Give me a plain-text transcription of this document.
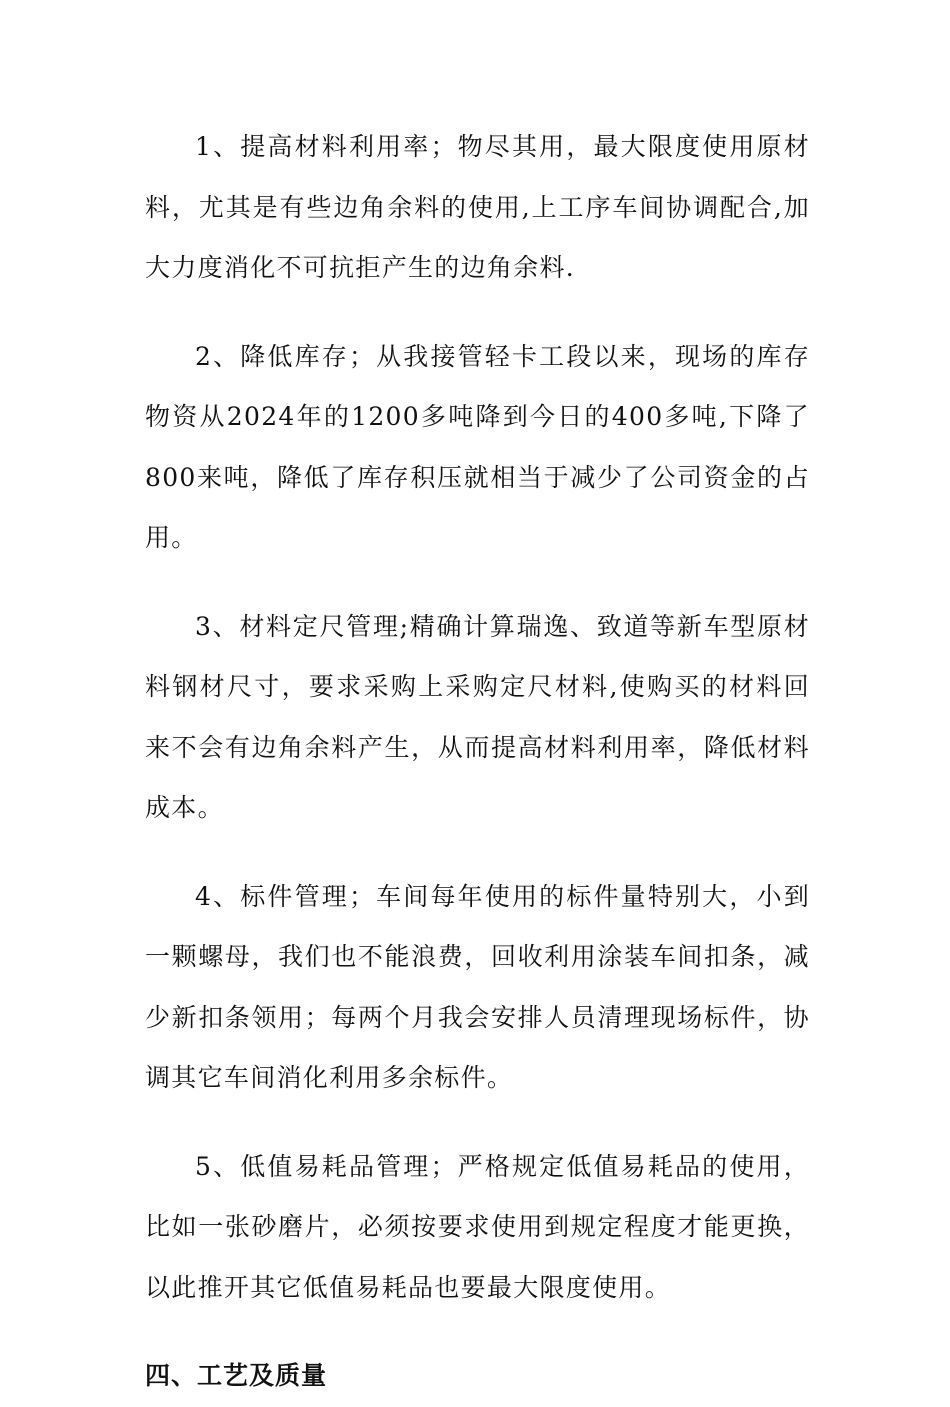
1、提高材料利用率；物尽其用，最大限度使用原材料，尤其是有些边角余料的使用,上工序车间协调配合,加大力度消化不可抗拒产生的边角余料.

2、降低库存；从我接管轻卡工段以来，现场的库存物资从2024年的1200多吨降到今日的400多吨,下降了800来吨，降低了库存积压就相当于减少了公司资金的占用。

3、材料定尺管理;精确计算瑞逸、致道等新车型原材料钢材尺寸，要求采购上采购定尺材料,使购买的材料回来不会有边角余料产生，从而提高材料利用率，降低材料成本。

4、标件管理；车间每年使用的标件量特别大，小到一颗螺母，我们也不能浪费，回收利用涂装车间扣条，减少新扣条领用；每两个月我会安排人员清理现场标件，协调其它车间消化利用多余标件。

5、低值易耗品管理；严格规定低值易耗品的使用，比如一张砂磨片，必须按要求使用到规定程度才能更换，以此推开其它低值易耗品也要最大限度使用。

四、工艺及质量
